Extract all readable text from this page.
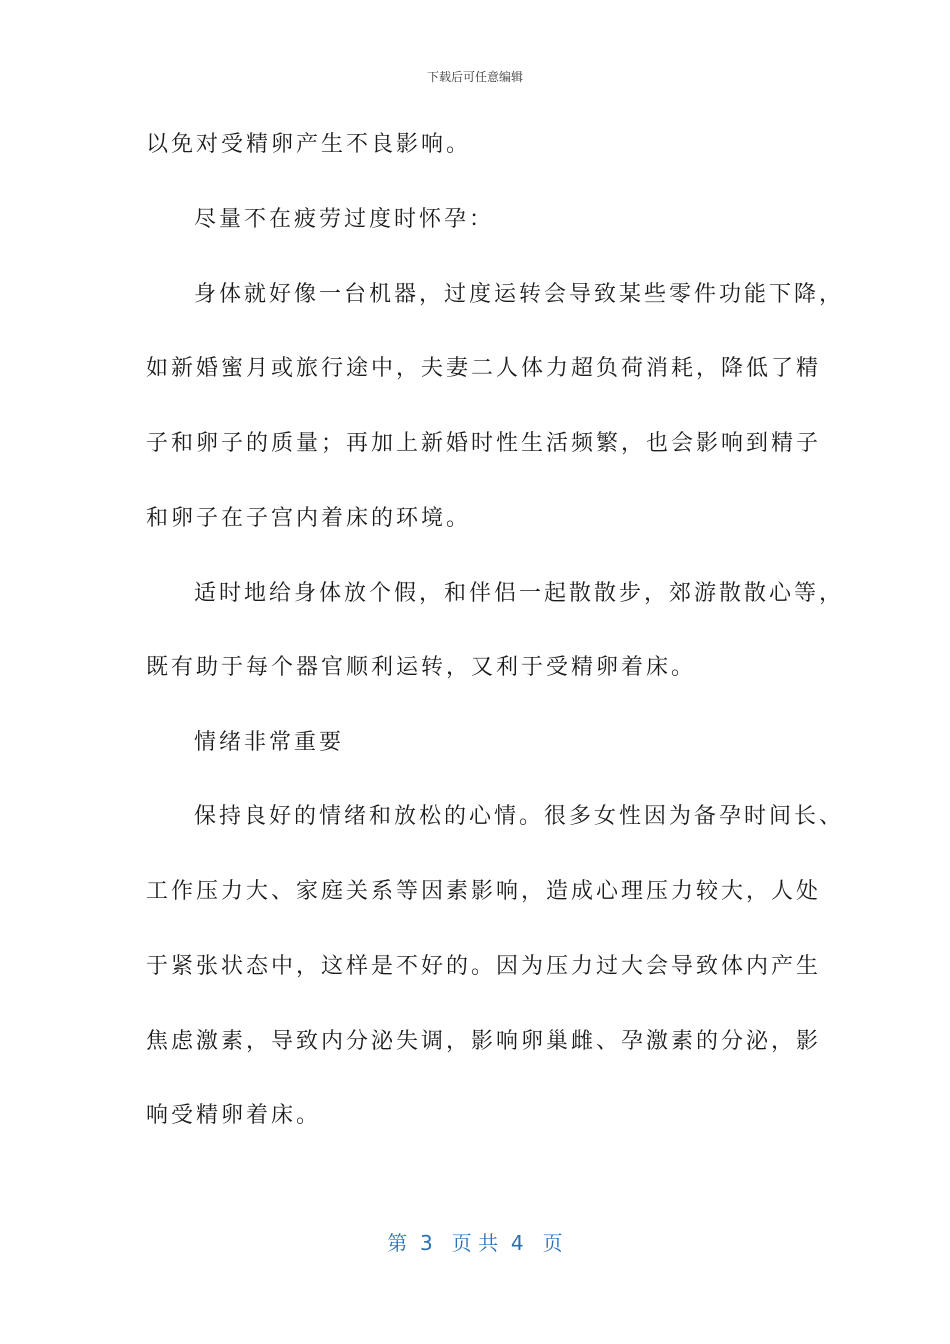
下载后可任意编辑
以免对受精卵产生不良影响。
尽量不在疲劳过度时怀孕：
身体就好像一台机器，过度运转会导致某些零件功能下降，
如新婚蜜月或旅行途中，夫妻二人体力超负荷消耗，降低了精
子和卵子的质量；再加上新婚时性生活频繁，也会影响到精子
和卵子在子宫内着床的环境。
适时地给身体放个假，和伴侣一起散散步，郊游散散心等，
既有助于每个器官顺利运转，又利于受精卵着床。
情绪非常重要
保持良好的情绪和放松的心情。很多女性因为备孕时间长、
工作压力大、家庭关系等因素影响，造成心理压力较大，人处
于紧张状态中，这样是不好的。因为压力过大会导致体内产生
焦虑激素，导致内分泌失调，影响卵巢雌、孕激素的分泌，影
响受精卵着床。
第  3   页 共  4   页
